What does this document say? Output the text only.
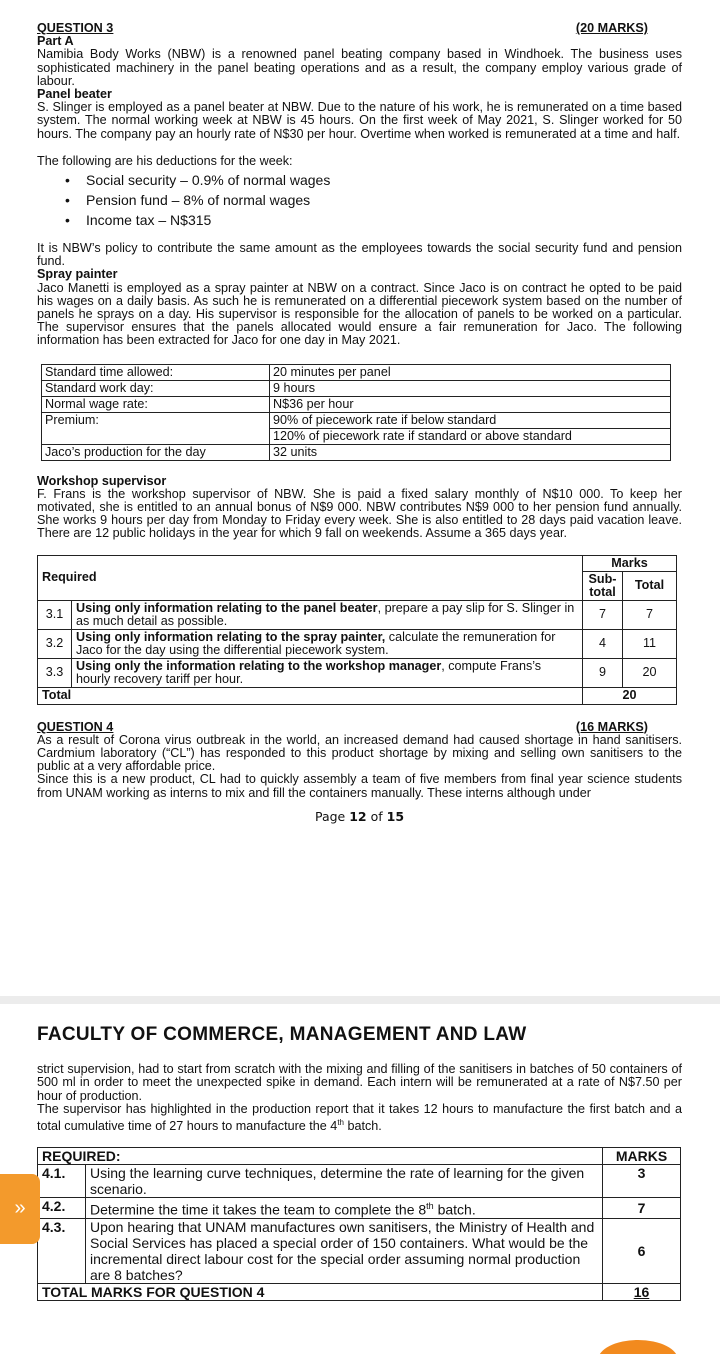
QUESTION 3	(20 MARKS)
Part A
Namibia Body Works (NBW) is a renowned panel beating company based in Windhoek. The business uses sophisticated machinery in the panel beating operations and as a result, the company employ various grade of labour.
Panel beater
S. Slinger is employed as a panel beater at NBW. Due to the nature of his work, he is remunerated on a time based system. The normal working week at NBW is 45 hours. On the first week of May 2021, S. Slinger worked for 50 hours. The company pay an hourly rate of N$30 per hour. Overtime when worked is remunerated at a time and half.
The following are his deductions for the week:
• Social security – 0.9% of normal wages
• Pension fund – 8% of normal wages
• Income tax – N$315
It is NBW’s policy to contribute the same amount as the employees towards the social security fund and pension fund.
Spray painter
Jaco Manetti is employed as a spray painter at NBW on a contract. Since Jaco is on contract he opted to be paid his wages on a daily basis. As such he is remunerated on a differential piecework system based on the number of panels he sprays on a day. His supervisor is responsible for the allocation of panels to be worked on a particular. The supervisor ensures that the panels allocated would ensure a fair remuneration for Jaco. The following information has been extracted for Jaco for one day in May 2021.
Standard time allowed:	20 minutes per panel
Standard work day:	9 hours
Normal wage rate:	N$36 per hour
Premium:	90% of piecework rate if below standard
	120% of piecework rate if standard or above standard
Jaco’s production for the day	32 units
Workshop supervisor
F. Frans is the workshop supervisor of NBW. She is paid a fixed salary monthly of N$10 000. To keep her motivated, she is entitled to an annual bonus of N$9 000. NBW contributes N$9 000 to her pension fund annually. She works 9 hours per day from Monday to Friday every week. She is also entitled to 28 days paid vacation leave. There are 12 public holidays in the year for which 9 fall on weekends. Assume a 365 days year.
Required		Marks	
		Sub-total	Total
3.1	Using only information relating to the panel beater, prepare a pay slip for S. Slinger in as much detail as possible.	7	7
3.2	Using only information relating to the spray painter, calculate the remuneration for Jaco for the day using the differential piecework system.	4	11
3.3	Using only the information relating to the workshop manager, compute Frans’s hourly recovery tariff per hour.	9	20
Total		20	
QUESTION 4	(16 MARKS)
As a result of Corona virus outbreak in the world, an increased demand had caused shortage in hand sanitisers. Cardmium laboratory (“CL”) has responded to this product shortage by mixing and selling own sanitisers to the public at a very affordable price.
Since this is a new product, CL had to quickly assembly a team of five members from final year science students from UNAM working as interns to mix and fill the containers manually. These interns although under
Page 12 of 15
FACULTY OF COMMERCE, MANAGEMENT AND LAW
strict supervision, had to start from scratch with the mixing and filling of the sanitisers in batches of 50 containers of 500 ml in order to meet the unexpected spike in demand. Each intern will be remunerated at a rate of N$7.50 per hour of production.
The supervisor has highlighted in the production report that it takes 12 hours to manufacture the first batch and a total cumulative time of 27 hours to manufacture the 4th batch.
REQUIRED:		MARKS
4.1.	Using the learning curve techniques, determine the rate of learning for the given scenario.	3
4.2.	Determine the time it takes the team to complete the 8th batch.	7
4.3.	Upon hearing that UNAM manufactures own sanitisers, the Ministry of Health and Social Services has placed a special order of 150 containers. What would be the incremental direct labour cost for the special order assuming normal production are 8 batches?	6
TOTAL MARKS FOR QUESTION 4		16
»
